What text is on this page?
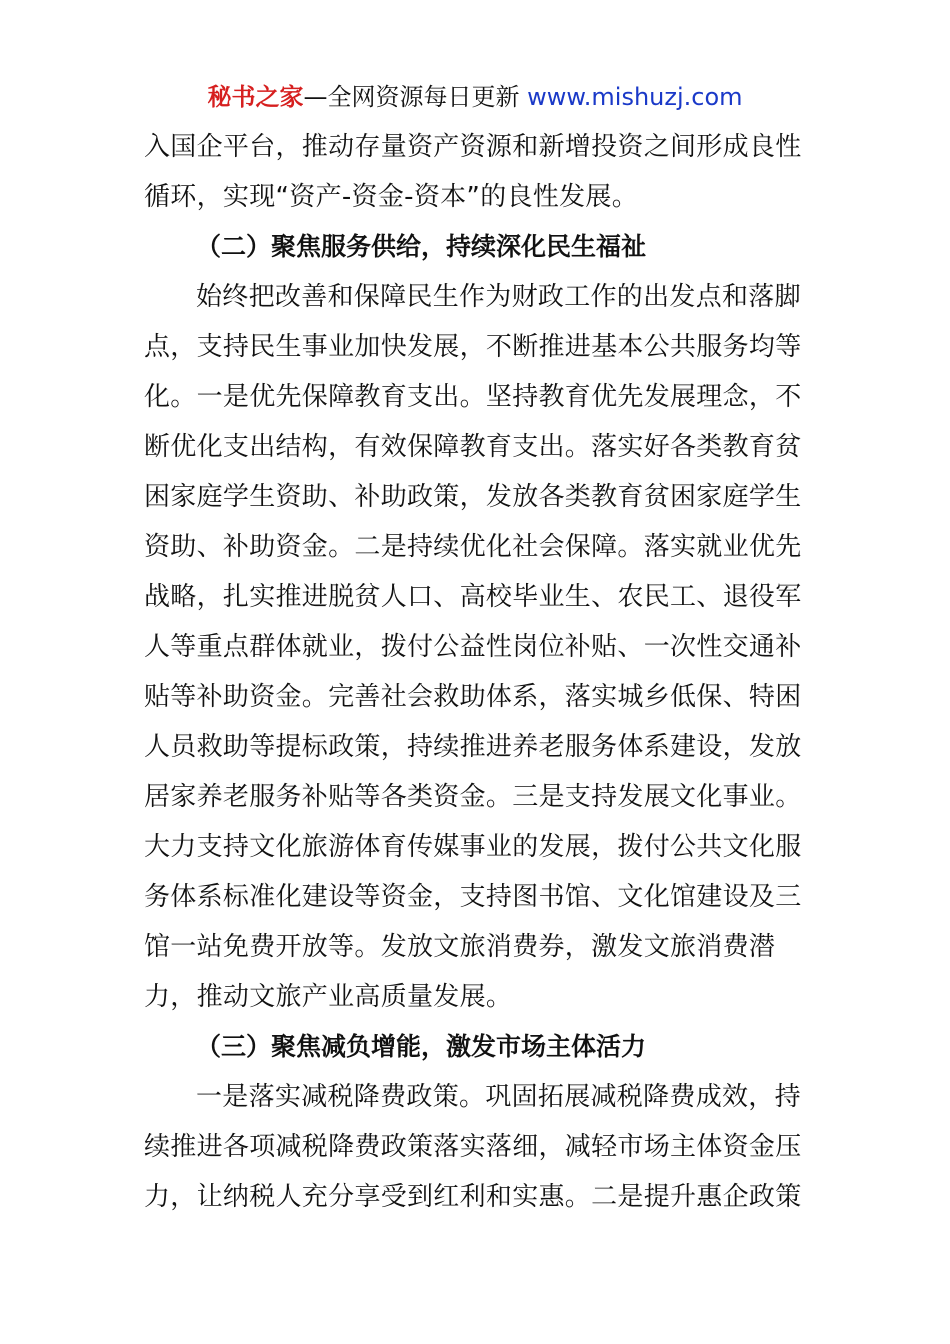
秘书之家—全网资源每日更新 www.mishuzj.com
入国企平台，推动存量资产资源和新增投资之间形成良性
循环，实现“资产-资金-资本”的良性发展。
（二）聚焦服务供给，持续深化民生福祉
始终把改善和保障民生作为财政工作的出发点和落脚
点，支持民生事业加快发展，不断推进基本公共服务均等
化。一是优先保障教育支出。坚持教育优先发展理念，不
断优化支出结构，有效保障教育支出。落实好各类教育贫
困家庭学生资助、补助政策，发放各类教育贫困家庭学生
资助、补助资金。二是持续优化社会保障。落实就业优先
战略，扎实推进脱贫人口、高校毕业生、农民工、退役军
人等重点群体就业，拨付公益性岗位补贴、一次性交通补
贴等补助资金。完善社会救助体系，落实城乡低保、特困
人员救助等提标政策，持续推进养老服务体系建设，发放
居家养老服务补贴等各类资金。三是支持发展文化事业。
大力支持文化旅游体育传媒事业的发展，拨付公共文化服
务体系标准化建设等资金，支持图书馆、文化馆建设及三
馆一站免费开放等。发放文旅消费券，激发文旅消费潜
力，推动文旅产业高质量发展。
（三）聚焦减负增能，激发市场主体活力
一是落实减税降费政策。巩固拓展减税降费成效，持
续推进各项减税降费政策落实落细，减轻市场主体资金压
力，让纳税人充分享受到红利和实惠。二是提升惠企政策
